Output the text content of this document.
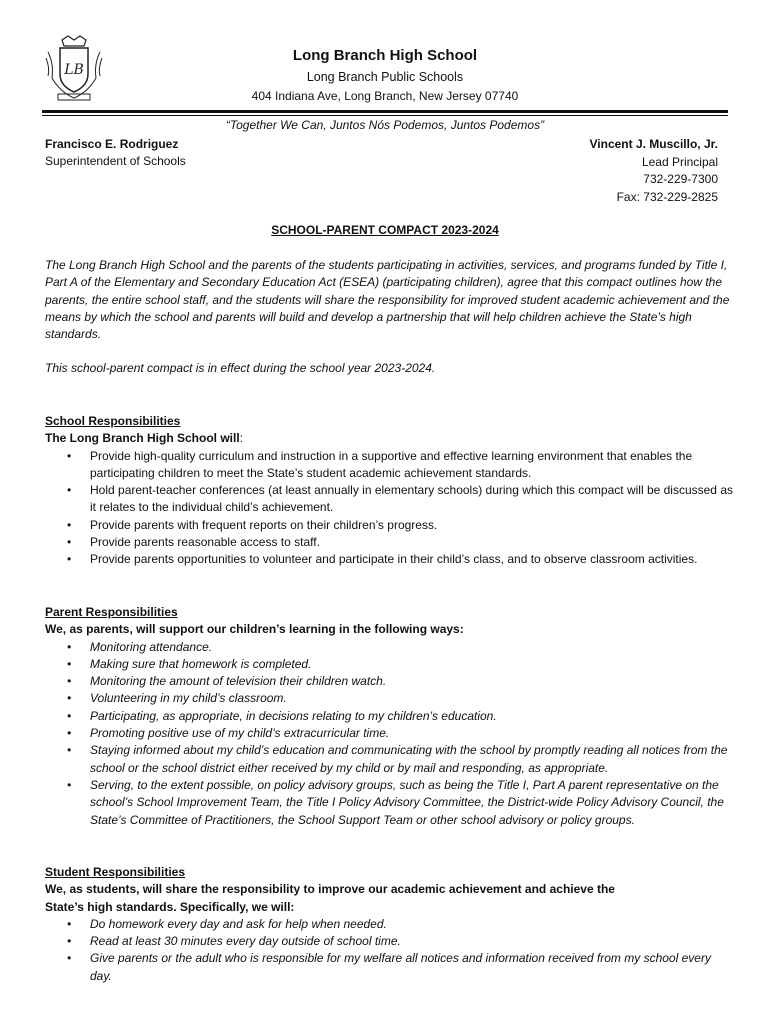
LB
Long Branch High School
Long Branch Public Schools
404 Indiana Ave, Long Branch, New Jersey 07740
“Together We Can, Juntos Nós Podemos, Juntos Podemos”
Francisco E. Rodriguez
Superintendent of Schools
Vincent J. Muscillo, Jr.
Lead Principal
732-229-7300
Fax: 732-229-2825
SCHOOL-PARENT COMPACT 2023-2024
The Long Branch High School and the parents of the students participating in activities, services, and programs funded by Title I, Part A of the Elementary and Secondary Education Act (ESEA) (participating children), agree that this compact outlines how the parents, the entire school staff, and the students will share the responsibility for improved student academic achievement and the means by which the school and parents will build and develop a partnership that will help children achieve the State’s high standards.
This school-parent compact is in effect during the school year 2023-2024.
School Responsibilities
The Long Branch High School will:
• Provide high-quality curriculum and instruction in a supportive and effective learning environment that enables the participating children to meet the State’s student academic achievement standards.
• Hold parent-teacher conferences (at least annually in elementary schools) during which this compact will be discussed as it relates to the individual child’s achievement.
• Provide parents with frequent reports on their children’s progress.
• Provide parents reasonable access to staff.
• Provide parents opportunities to volunteer and participate in their child’s class, and to observe classroom activities.
Parent Responsibilities
We, as parents, will support our children’s learning in the following ways:
• Monitoring attendance.
• Making sure that homework is completed.
• Monitoring the amount of television their children watch.
• Volunteering in my child’s classroom.
• Participating, as appropriate, in decisions relating to my children’s education.
• Promoting positive use of my child’s extracurricular time.
• Staying informed about my child’s education and communicating with the school by promptly reading all notices from the school or the school district either received by my child or by mail and responding, as appropriate.
• Serving, to the extent possible, on policy advisory groups, such as being the Title I, Part A parent representative on the school’s School Improvement Team, the Title I Policy Advisory Committee, the District-wide Policy Advisory Council, the State’s Committee of Practitioners, the School Support Team or other school advisory or policy groups.
Student Responsibilities
We, as students, will share the responsibility to improve our academic achievement and achieve the State’s high standards. Specifically, we will:
• Do homework every day and ask for help when needed.
• Read at least 30 minutes every day outside of school time.
• Give parents or the adult who is responsible for my welfare all notices and information received from my school every day.
